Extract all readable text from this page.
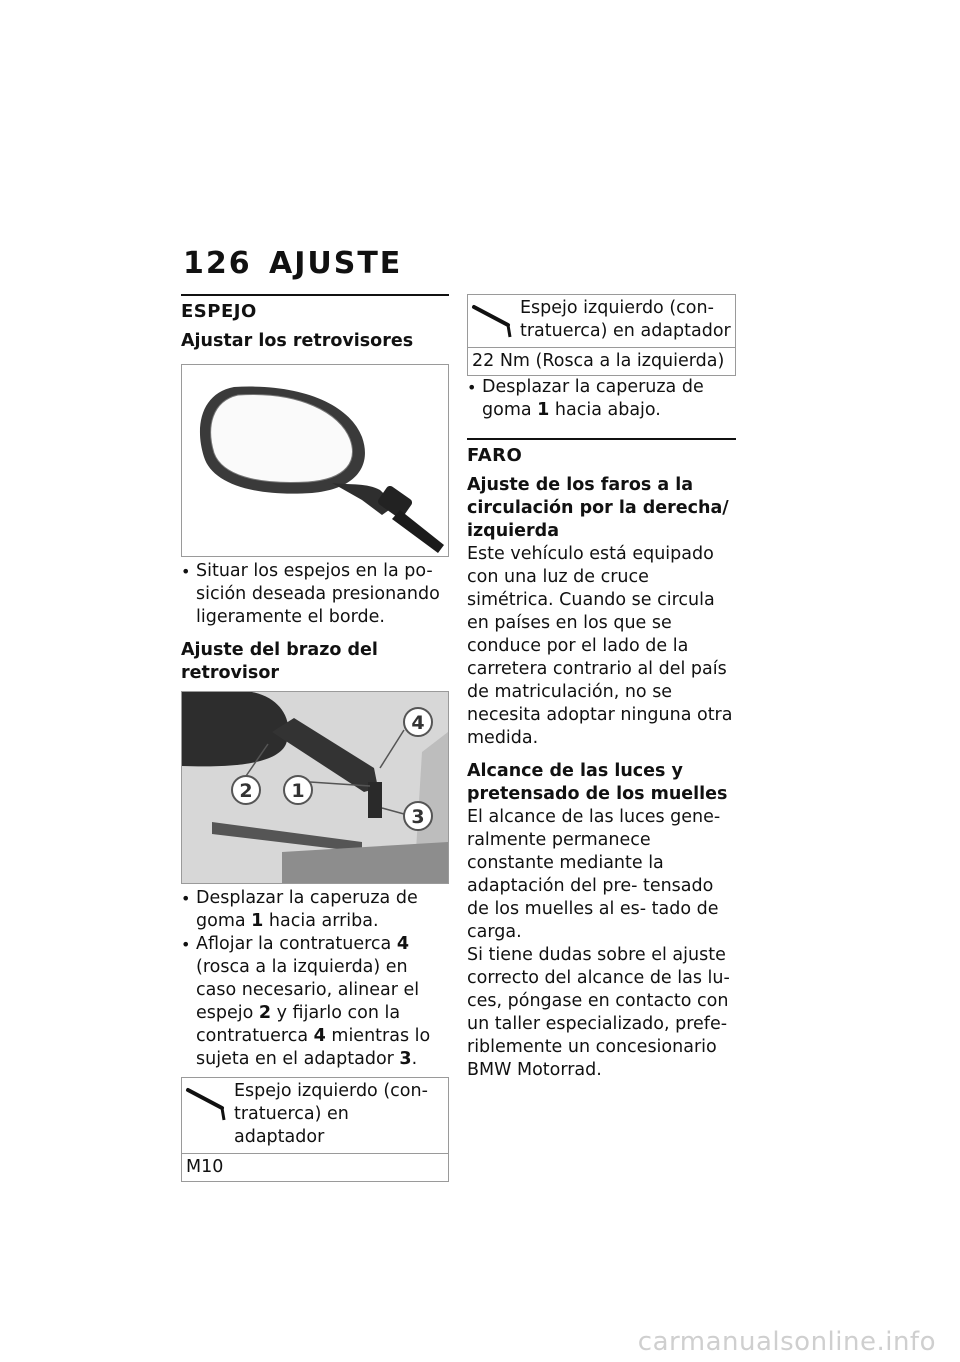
126 AJUSTE
ESPEJO

Ajustar los retrovisores

• Situar los espejos en la po- sición deseada presionando ligeramente el borde.

Ajuste del brazo del retrovisor

4
2 1
3
• Desplazar la caperuza de goma 1 hacia arriba.
• Aflojar la contratuerca 4 (rosca a la izquierda) en caso necesario, alinear el espejo 2 y fijarlo con la contratuerca 4 mientras lo sujeta en el adaptador 3.
Espejo izquierdo (con- tratuerca) en adaptador
M10
Espejo izquierdo (con- tratuerca) en adaptador
22 Nm (Rosca a la izquierda)
• Desplazar la caperuza de goma 1 hacia abajo.
FARO

Ajuste de los faros a la circulación por la derecha/ izquierda

Este vehículo está equipado con una luz de cruce simétrica. Cuando se circula en países en los que se conduce por el lado de la carretera contrario al del país de matriculación, no se necesita adoptar ninguna otra medida.

Alcance de las luces y pretensado de los muelles

El alcance de las luces gene- ralmente permanece constante mediante la adaptación del pre- tensado de los muelles al es- tado de carga.

Si tiene dudas sobre el ajuste correcto del alcance de las lu- ces, póngase en contacto con un taller especializado, prefe- riblemente un concesionario BMW Motorrad.

carmanualsonline.info
